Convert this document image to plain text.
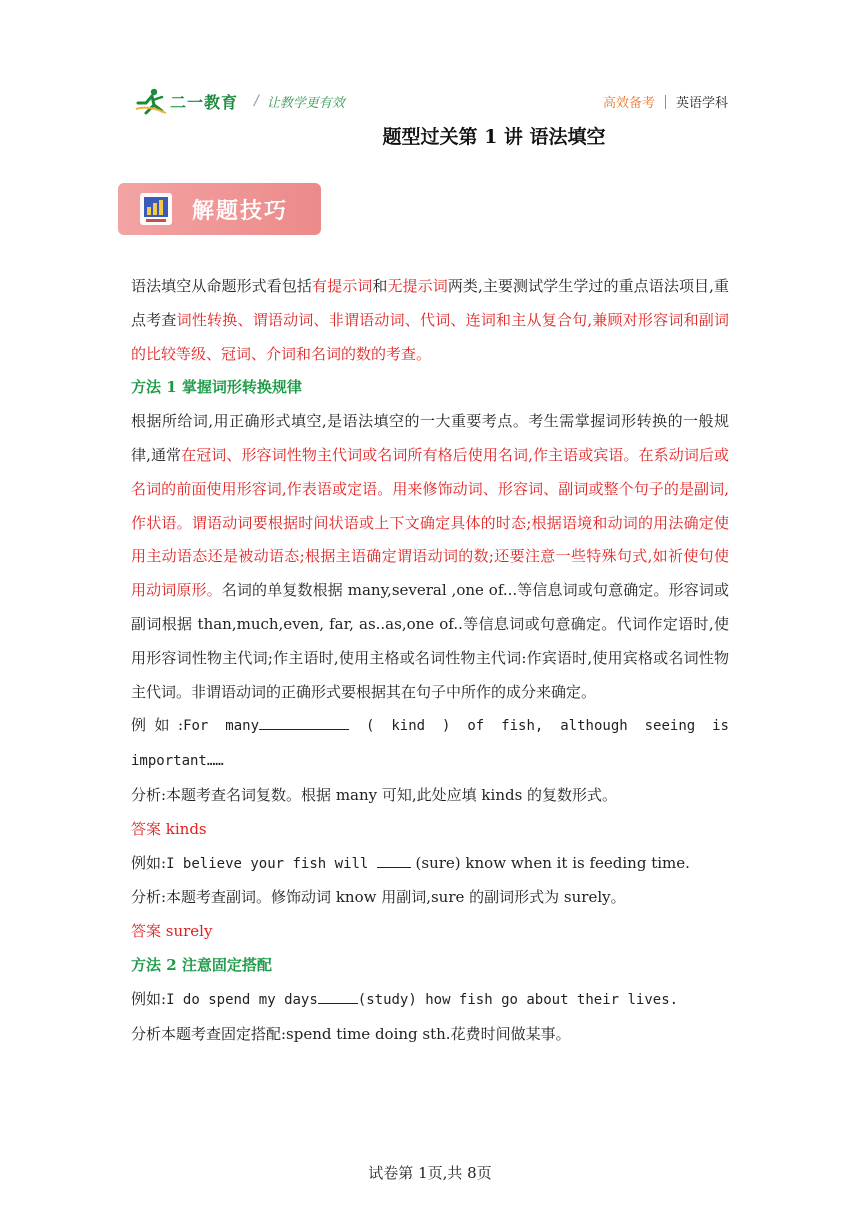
二一教育 / 让教学更有效	高效备考 英语学科
题型过关第 1 讲 语法填空
解题技巧

语法填空从命题形式看包括有提示词和无提示词两类,主要测试学生学过的重点语法项目,重点考查词性转换、谓语动词、非谓语动词、代词、连词和主从复合句,兼顾对形容词和副词的比较等级、冠词、介词和名词的数的考查。

方法 1 掌握词形转换规律

根据所给词,用正确形式填空,是语法填空的一大重要考点。考生需掌握词形转换的一般规律,通常在冠词、形容词性物主代词或名词所有格后使用名词,作主语或宾语。在系动词后或名词的前面使用形容词,作表语或定语。用来修饰动词、形容词、副词或整个句子的是副词,作状语。谓语动词要根据时间状语或上下文确定具体的时态;根据语境和动词的用法确定使用主动语态还是被动语态;根据主语确定谓语动词的数;还要注意一些特殊句式,如祈使句使用动词原形。名词的单复数根据 many,several ,one of...等信息词或句意确定。形容词或副词根据 than,much,even, far, as..as,one of..等信息词或句意确定。代词作定语时,使用形容词性物主代词;作主语时,使用主格或名词性物主代词:作宾语时,使用宾格或名词性物主代词。非谓语动词的正确形式要根据其在句子中所作的成分来确定。

例如:For many	( kind ) of fish, although seeing is important……

分析:本题考查名词复数。根据 many 可知,此处应填 kinds 的复数形式。

答案 kinds

例如:I believe your fish will  (sure) know when it is feeding time.

分析:本题考查副词。修饰动词 know 用副词,sure 的副词形式为 surely。

答案 surely

方法 2 注意固定搭配

例如:I do spend my days	(study) how fish go about their lives.

分析本题考查固定搭配:spend time doing sth.花费时间做某事。

试卷第 1页,共 8页
